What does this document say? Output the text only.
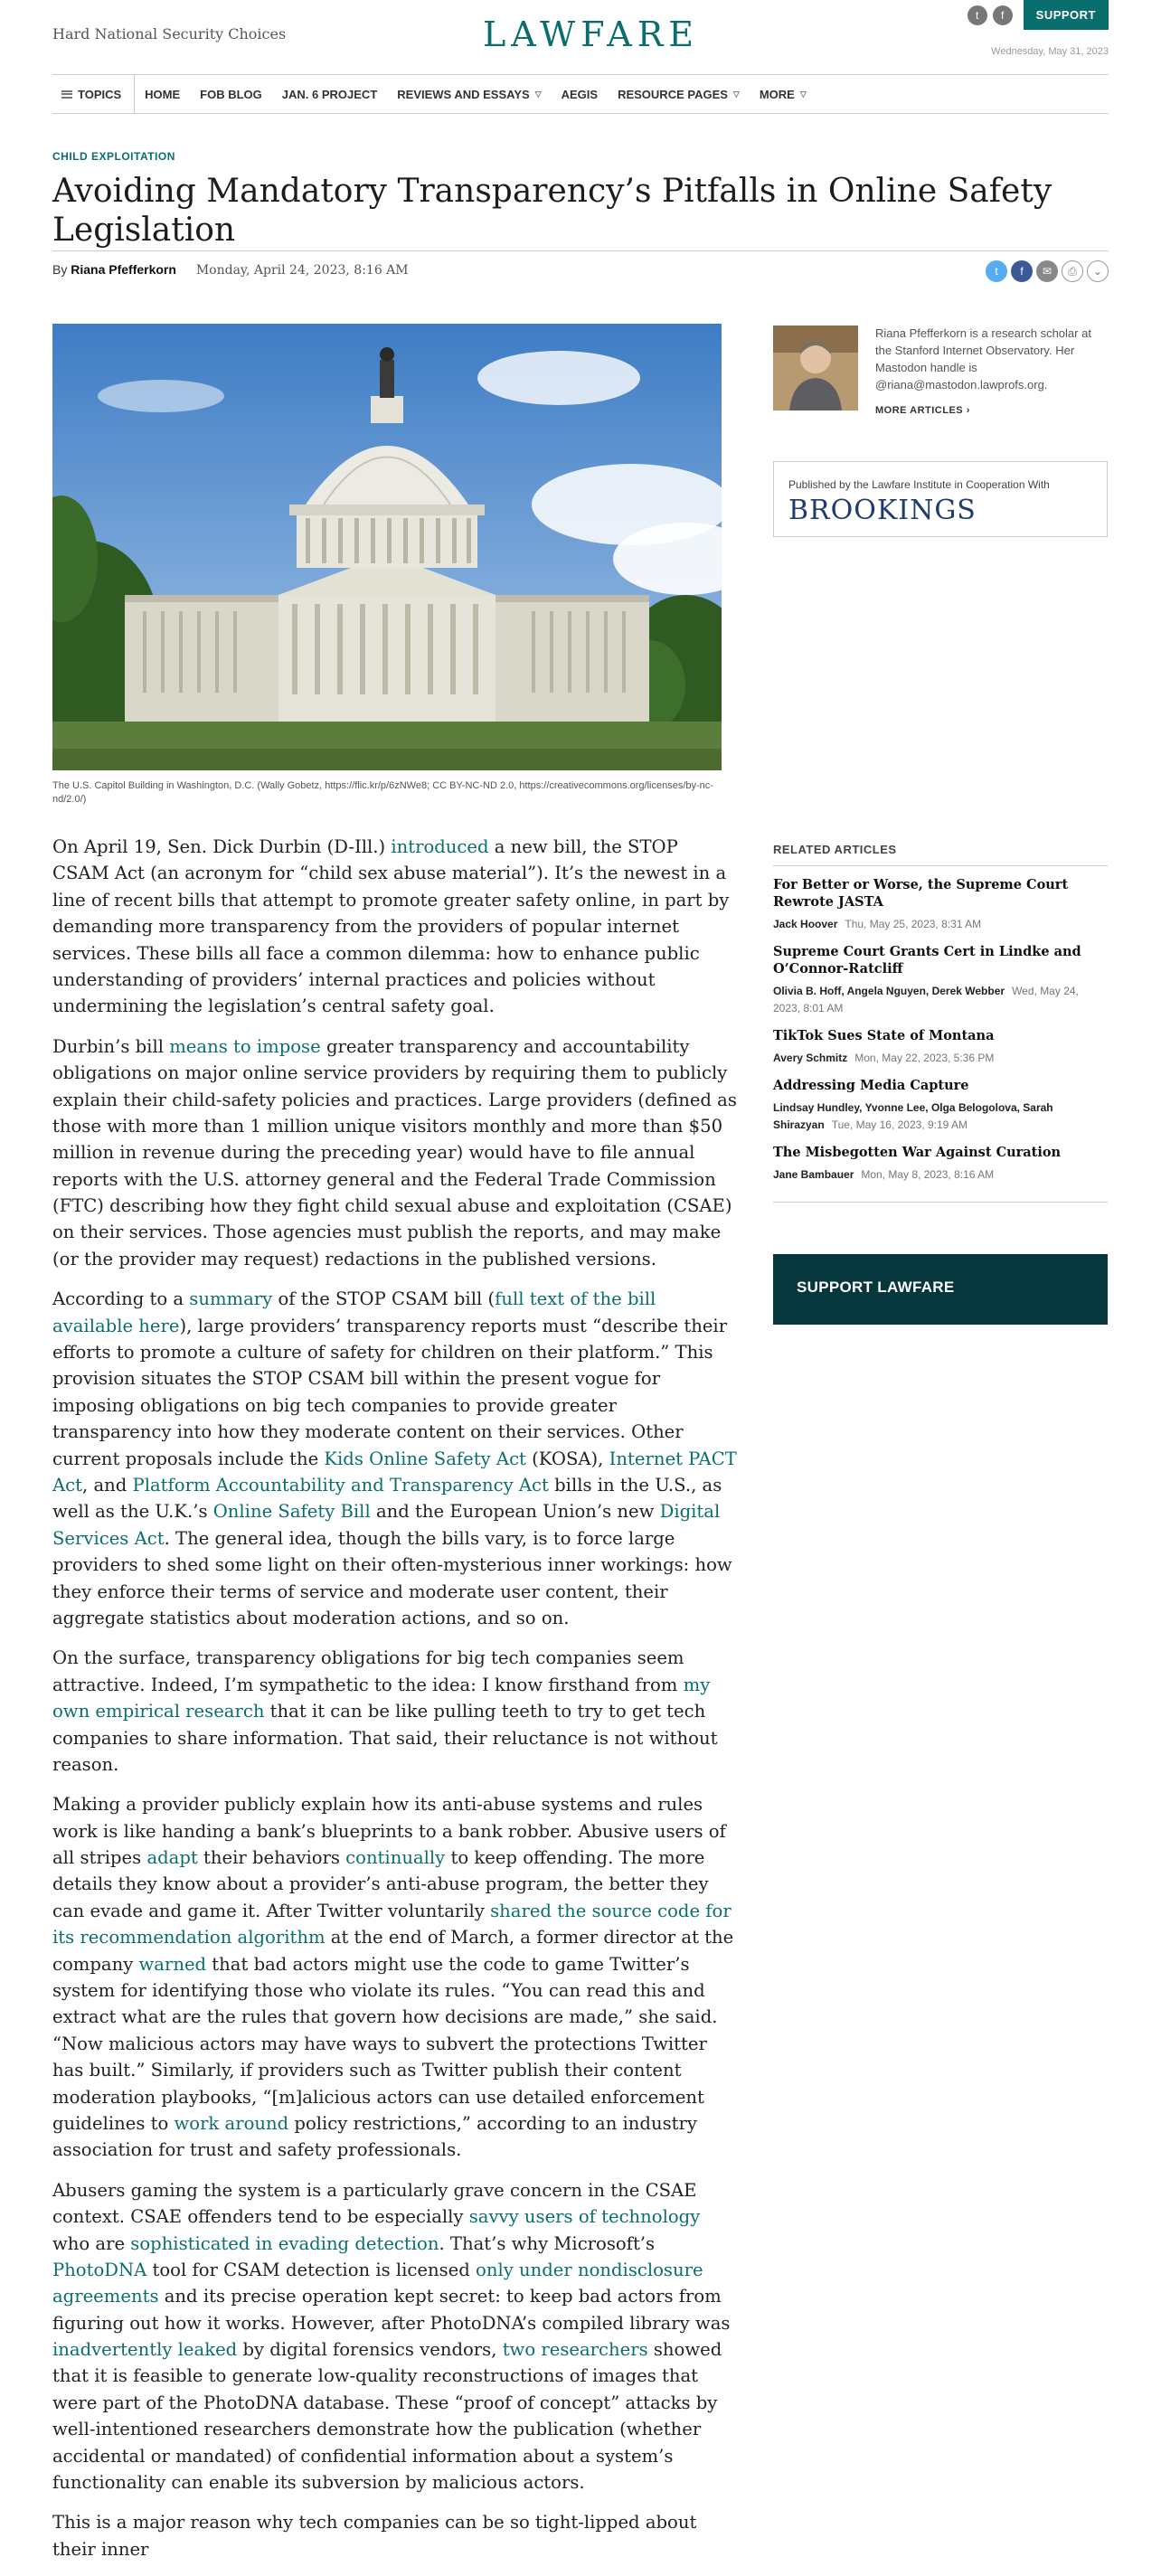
Hard National Security Choices	LAWFARE	t	f	SUPPORT
Wednesday, May 31, 2023
TOPICS HOME FOB BLOG JAN. 6 PROJECT REVIEWS AND ESSAYS ▽ AEGIS RESOURCE PAGES ▽ MORE ▽
CHILD EXPLOITATION
Avoiding Mandatory Transparency’s Pitfalls in Online Safety Legislation
By Riana Pfefferkorn Monday, April 24, 2023, 8:16 AM	t	f	✉	⎙	⌄
The U.S. Capitol Building in Washington, D.C. (Wally Gobetz, https://flic.kr/p/6zNWe8; CC BY-NC-ND 2.0, https://creativecommons.org/licenses/by-nc-nd/2.0/)

On April 19, Sen. Dick Durbin (D-Ill.) introduced a new bill, the STOP CSAM Act (an acronym for “child sex abuse material”). It’s the newest in a line of recent bills that attempt to promote greater safety online, in part by demanding more transparency from the providers of popular internet services. These bills all face a common dilemma: how to enhance public understanding of providers’ internal practices and policies without undermining the legislation’s central safety goal.

Durbin’s bill means to impose greater transparency and accountability obligations on major online service providers by requiring them to publicly explain their child-safety policies and practices. Large providers (defined as those with more than 1 million unique visitors monthly and more than $50 million in revenue during the preceding year) would have to file annual reports with the U.S. attorney general and the Federal Trade Commission (FTC) describing how they fight child sexual abuse and exploitation (CSAE) on their services. Those agencies must publish the reports, and may make (or the provider may request) redactions in the published versions.

According to a summary of the STOP CSAM bill (full text of the bill available here), large providers’ transparency reports must “describe their efforts to promote a culture of safety for children on their platform.” This provision situates the STOP CSAM bill within the present vogue for imposing obligations on big tech companies to provide greater transparency into how they moderate content on their services. Other current proposals include the Kids Online Safety Act (KOSA), Internet PACT Act, and Platform Accountability and Transparency Act bills in the U.S., as well as the U.K.’s Online Safety Bill and the European Union’s new Digital Services Act. The general idea, though the bills vary, is to force large providers to shed some light on their often-mysterious inner workings: how they enforce their terms of service and moderate user content, their aggregate statistics about moderation actions, and so on.

On the surface, transparency obligations for big tech companies seem attractive. Indeed, I’m sympathetic to the idea: I know firsthand from my own empirical research that it can be like pulling teeth to try to get tech companies to share information. That said, their reluctance is not without reason.

Making a provider publicly explain how its anti-abuse systems and rules work is like handing a bank’s blueprints to a bank robber. Abusive users of all stripes adapt their behaviors continually to keep offending. The more details they know about a provider’s anti-abuse program, the better they can evade and game it. After Twitter voluntarily shared the source code for its recommendation algorithm at the end of March, a former director at the company warned that bad actors might use the code to game Twitter’s system for identifying those who violate its rules. “You can read this and extract what are the rules that govern how decisions are made,” she said. “Now malicious actors may have ways to subvert the protections Twitter has built.” Similarly, if providers such as Twitter publish their content moderation playbooks, “[m]alicious actors can use detailed enforcement guidelines to work around policy restrictions,” according to an industry association for trust and safety professionals.

Abusers gaming the system is a particularly grave concern in the CSAE context. CSAE offenders tend to be especially savvy users of technology who are sophisticated in evading detection. That’s why Microsoft’s PhotoDNA tool for CSAM detection is licensed only under nondisclosure agreements and its precise operation kept secret: to keep bad actors from figuring out how it works. However, after PhotoDNA’s compiled library was inadvertently leaked by digital forensics vendors, two researchers showed that it is feasible to generate low-quality reconstructions of images that were part of the PhotoDNA database. These “proof of concept” attacks by well-intentioned researchers demonstrate how the publication (whether accidental or mandated) of confidential information about a system’s functionality can enable its subversion by malicious actors.

This is a major reason why tech companies can be so tight-lipped about their inner

Riana Pfefferkorn is a research scholar at the Stanford Internet Observatory. Her Mastodon handle is @riana@mastodon.lawprofs.org.
MORE ARTICLES ›
Published by the Lawfare Institute in Cooperation With
BROOKINGS
RELATED ARTICLES
For Better or Worse, the Supreme Court Rewrote JASTA
Jack Hoover Thu, May 25, 2023, 8:31 AM
Supreme Court Grants Cert in Lindke and O’Connor-Ratcliff
Olivia B. Hoff, Angela Nguyen, Derek Webber Wed, May 24, 2023, 8:01 AM
TikTok Sues State of Montana
Avery Schmitz Mon, May 22, 2023, 5:36 PM
Addressing Media Capture
Lindsay Hundley, Yvonne Lee, Olga Belogolova, Sarah Shirazyan Tue, May 16, 2023, 9:19 AM
The Misbegotten War Against Curation
Jane Bambauer Mon, May 8, 2023, 8:16 AM
SUPPORT LAWFARE
